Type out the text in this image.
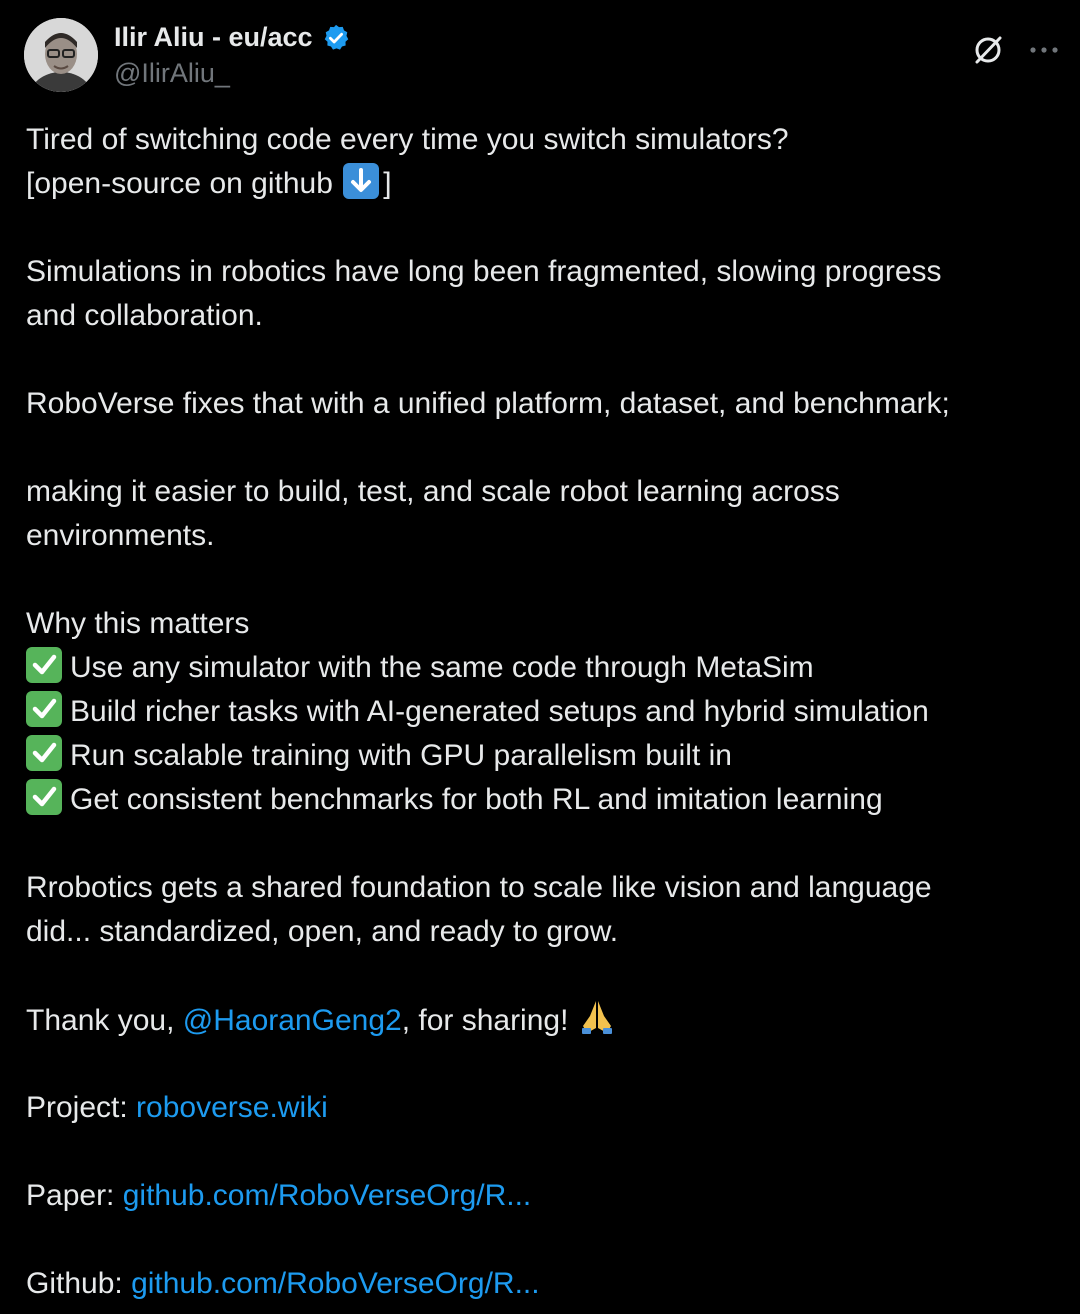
Ilir Aliu - eu/acc
@IlirAliu_
Tired of switching code every time you switch simulators?
[open-source on github
]
Simulations in robotics have long been fragmented, slowing progress
and collaboration.
RoboVerse fixes that with a unified platform, dataset, and benchmark;
making it easier to build, test, and scale robot learning across
environments.
Why this matters
Use any simulator with the same code through MetaSim
Build richer tasks with AI-generated setups and hybrid simulation
Run scalable training with GPU parallelism built in
Get consistent benchmarks for both RL and imitation learning
Rrobotics gets a shared foundation to scale like vision and language
did... standardized, open, and ready to grow.
Thank you, @HaoranGeng2, for sharing!
Project: roboverse.wiki
Paper: github.com/RoboVerseOrg/R...
Github: github.com/RoboVerseOrg/R...
